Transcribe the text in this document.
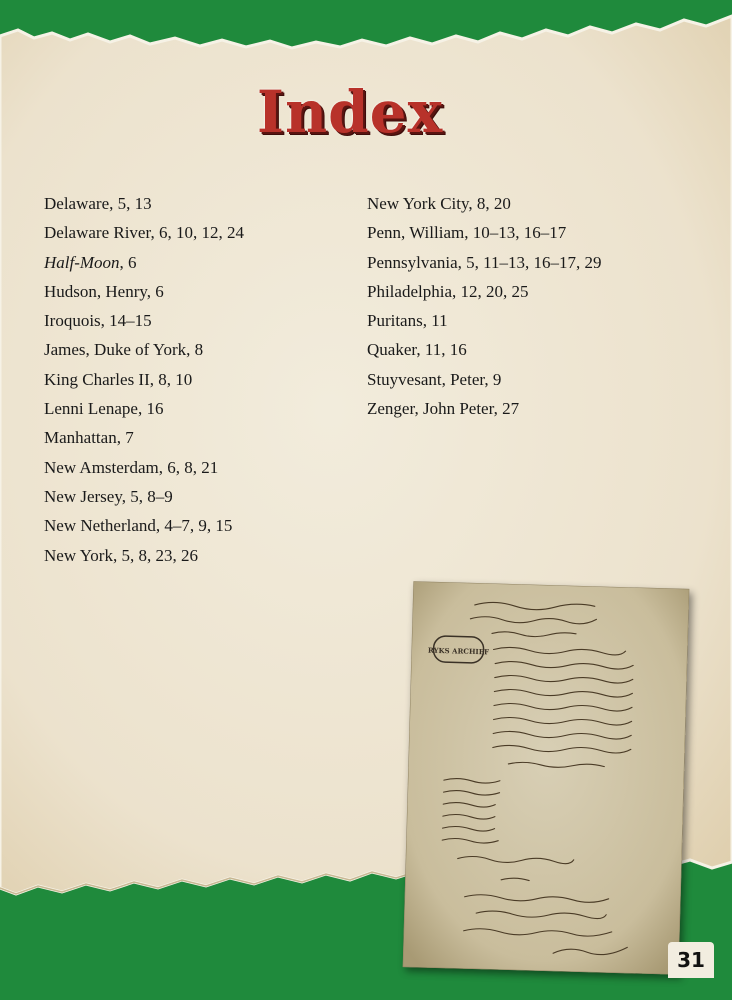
Index
Delaware, 5, 13
Delaware River, 6, 10, 12, 24
Half-Moon, 6
Hudson, Henry, 6
Iroquois, 14–15
James, Duke of York, 8
King Charles II, 8, 10
Lenni Lenape, 16
Manhattan, 7
New Amsterdam, 6, 8, 21
New Jersey, 5, 8–9
New Netherland, 4–7, 9, 15
New York, 5, 8, 23, 26
New York City, 8, 20
Penn, William, 10–13, 16–17
Pennsylvania, 5, 11–13, 16–17, 29
Philadelphia, 12, 20, 25
Puritans, 11
Quaker, 11, 16
Stuyvesant, Peter, 9
Zenger, John Peter, 27
RYKS ARCHIEF
31
